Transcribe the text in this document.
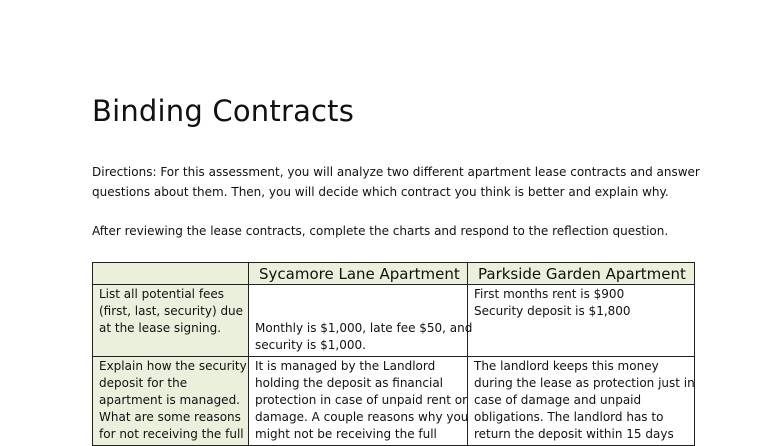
Binding Contracts

Directions: For this assessment, you will analyze two different apartment lease contracts and answer questions about them. Then, you will decide which contract you think is better and explain why.

After reviewing the lease contracts, complete the charts and respond to the reflection question.

	Sycamore Lane Apartment	Parkside Garden Apartment

List all potential fees
(first, last, security) due
at the lease signing.	Monthly is $1,000, late fee $50, and
security is $1,000.	First months rent is $900
Security deposit is $1,800

Explain how the security
deposit for the
apartment is managed.
What are some reasons
for not receiving the full	It is managed by the Landlord
holding the deposit as financial
protection in case of unpaid rent or
damage. A couple reasons why you
might not be receiving the full	The landlord keeps this money
during the lease as protection just in
case of damage and unpaid
obligations. The landlord has to
return the deposit within 15 days
